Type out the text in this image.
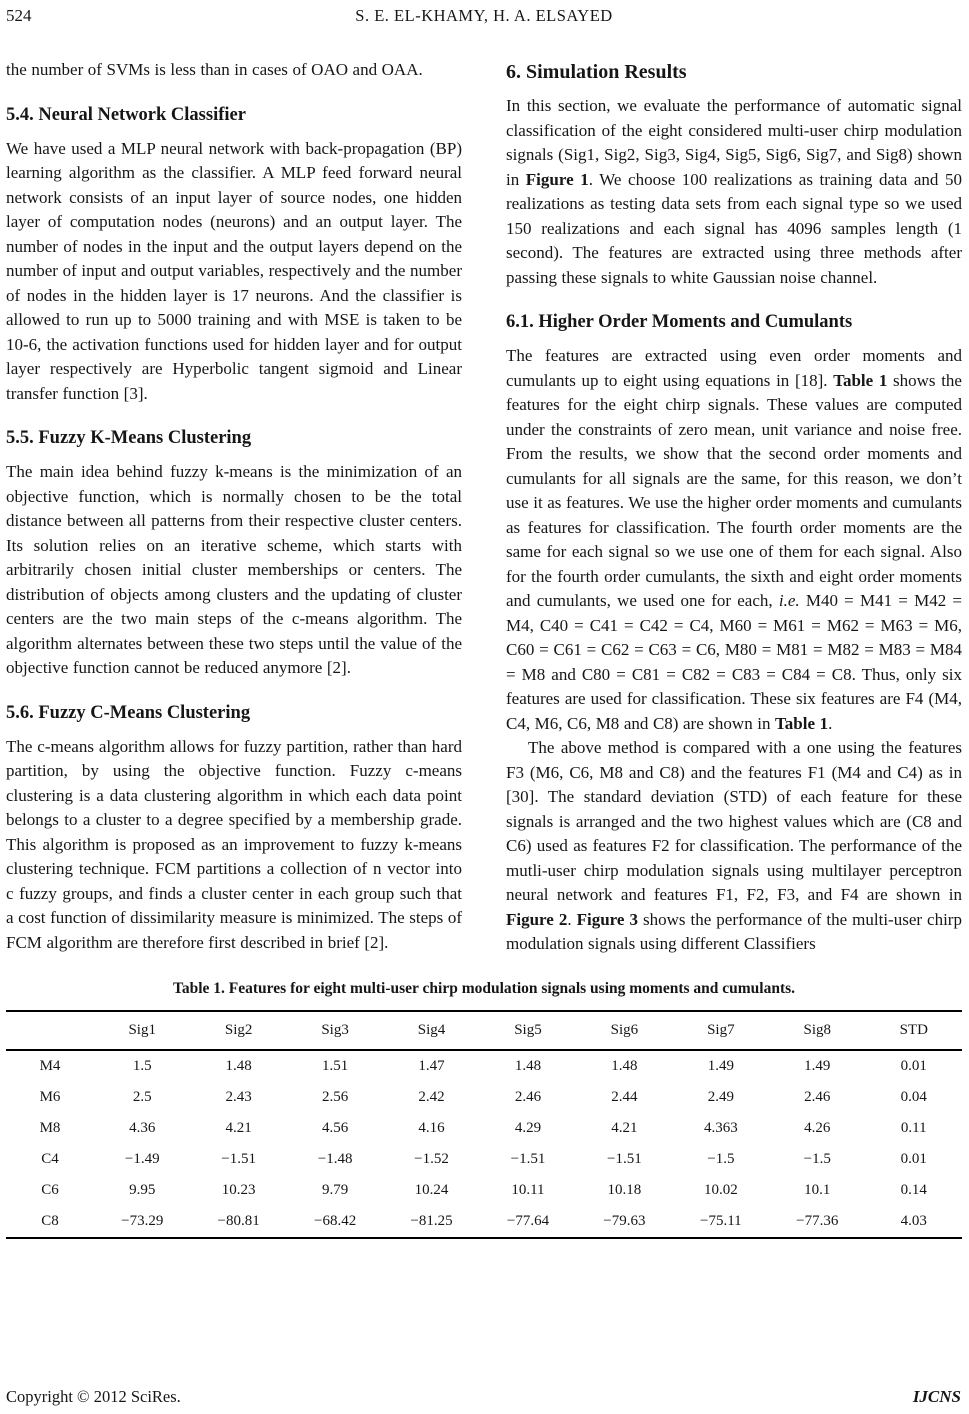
524	S. E. EL-KHAMY, H. A. ELSAYED

the number of SVMs is less than in cases of OAO and OAA.

5.4. Neural Network Classifier

We have used a MLP neural network with back-propagation (BP) learning algorithm as the classifier. A MLP feed forward neural network consists of an input layer of source nodes, one hidden layer of computation nodes (neurons) and an output layer. The number of nodes in the input and the output layers depend on the number of input and output variables, respectively and the number of nodes in the hidden layer is 17 neurons. And the classifier is allowed to run up to 5000 training and with MSE is taken to be 10-6, the activation functions used for hidden layer and for output layer respectively are Hyperbolic tangent sigmoid and Linear transfer function [3].

5.5. Fuzzy K-Means Clustering

The main idea behind fuzzy k-means is the minimization of an objective function, which is normally chosen to be the total distance between all patterns from their respective cluster centers. Its solution relies on an iterative scheme, which starts with arbitrarily chosen initial cluster memberships or centers. The distribution of objects among clusters and the updating of cluster centers are the two main steps of the c-means algorithm. The algorithm alternates between these two steps until the value of the objective function cannot be reduced anymore [2].

5.6. Fuzzy C-Means Clustering

The c-means algorithm allows for fuzzy partition, rather than hard partition, by using the objective function. Fuzzy c-means clustering is a data clustering algorithm in which each data point belongs to a cluster to a degree specified by a membership grade. This algorithm is proposed as an improvement to fuzzy k-means clustering technique. FCM partitions a collection of n vector into c fuzzy groups, and finds a cluster center in each group such that a cost function of dissimilarity measure is minimized. The steps of FCM algorithm are therefore first described in brief [2].

6. Simulation Results

In this section, we evaluate the performance of automatic signal classification of the eight considered multi-user chirp modulation signals (Sig1, Sig2, Sig3, Sig4, Sig5, Sig6, Sig7, and Sig8) shown in Figure 1. We choose 100 realizations as training data and 50 realizations as testing data sets from each signal type so we used 150 realizations and each signal has 4096 samples length (1 second). The features are extracted using three methods after passing these signals to white Gaussian noise channel.

6.1. Higher Order Moments and Cumulants

The features are extracted using even order moments and cumulants up to eight using equations in [18]. Table 1 shows the features for the eight chirp signals. These values are computed under the constraints of zero mean, unit variance and noise free. From the results, we show that the second order moments and cumulants for all signals are the same, for this reason, we don’t use it as features. We use the higher order moments and cumulants as features for classification. The fourth order moments are the same for each signal so we use one of them for each signal. Also for the fourth order cumulants, the sixth and eight order moments and cumulants, we used one for each, i.e. M40 = M41 = M42 = M4, C40 = C41 = C42 = C4, M60 = M61 = M62 = M63 = M6, C60 = C61 = C62 = C63 = C6, M80 = M81 = M82 = M83 = M84 = M8 and C80 = C81 = C82 = C83 = C84 = C8. Thus, only six features are used for classification. These six features are F4 (M4, C4, M6, C6, M8 and C8) are shown in Table 1.

The above method is compared with a one using the features F3 (M6, C6, M8 and C8) and the features F1 (M4 and C4) as in [30]. The standard deviation (STD) of each feature for these signals is arranged and the two highest values which are (C8 and C6) used as features F2 for classification. The performance of the mutli-user chirp modulation signals using multilayer perceptron neural network and features F1, F2, F3, and F4 are shown in Figure 2. Figure 3 shows the performance of the multi-user chirp modulation signals using different Classifiers

Table 1. Features for eight multi-user chirp modulation signals using moments and cumulants.
	Sig1	Sig2	Sig3	Sig4	Sig5	Sig6	Sig7	Sig8	STD
M4	1.5	1.48	1.51	1.47	1.48	1.48	1.49	1.49	0.01
M6	2.5	2.43	2.56	2.42	2.46	2.44	2.49	2.46	0.04
M8	4.36	4.21	4.56	4.16	4.29	4.21	4.363	4.26	0.11
C4	−1.49	−1.51	−1.48	−1.52	−1.51	−1.51	−1.5	−1.5	0.01
C6	9.95	10.23	9.79	10.24	10.11	10.18	10.02	10.1	0.14
C8	−73.29	−80.81	−68.42	−81.25	−77.64	−79.63	−75.11	−77.36	4.03
Copyright © 2012 SciRes.	IJCNS
